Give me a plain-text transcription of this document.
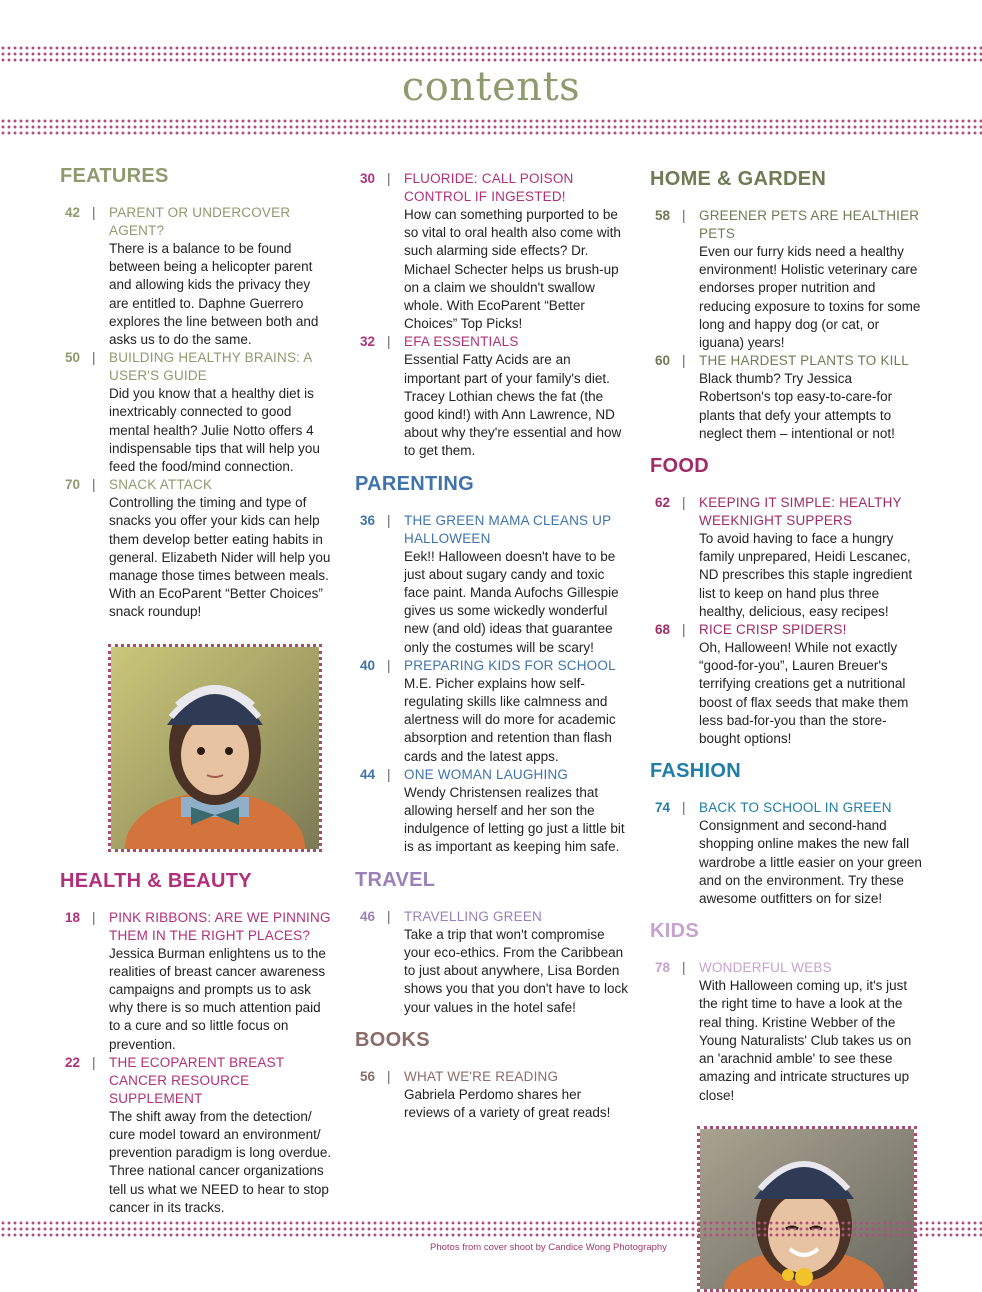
contents
FEATURES
42 | PARENT OR UNDERCOVER AGENT?
There is a balance to be found between being a helicopter parent and allowing kids the privacy they are entitled to. Daphne Guerrero explores the line between both and asks us to do the same.
50 | BUILDING HEALTHY BRAINS: A USER'S GUIDE
Did you know that a healthy diet is inextricably connected to good mental health? Julie Notto offers 4 indispensable tips that will help you feed the food/mind connection.
70 | SNACK ATTACK
Controlling the timing and type of snacks you offer your kids can help them develop better eating habits in general. Elizabeth Nider will help you manage those times between meals. With an EcoParent “Better Choices” snack roundup!
HEALTH & BEAUTY
18 | PINK RIBBONS: ARE WE PINNING THEM IN THE RIGHT PLACES?
Jessica Burman enlightens us to the realities of breast cancer awareness campaigns and prompts us to ask why there is so much attention paid to a cure and so little focus on prevention.
22 | THE ECOPARENT BREAST CANCER RESOURCE SUPPLEMENT
The shift away from the detection/ cure model toward an environment/ prevention paradigm is long overdue. Three national cancer organizations tell us what we NEED to hear to stop cancer in its tracks.
30 | FLUORIDE: CALL POISON CONTROL IF INGESTED!
How can something purported to be so vital to oral health also come with such alarming side effects? Dr. Michael Schecter helps us brush-up on a claim we shouldn't swallow whole. With EcoParent “Better Choices” Top Picks!
32 | EFA ESSENTIALS
Essential Fatty Acids are an important part of your family's diet. Tracey Lothian chews the fat (the good kind!) with Ann Lawrence, ND about why they're essential and how to get them.
PARENTING
36 | THE GREEN MAMA CLEANS UP HALLOWEEN
Eek!! Halloween doesn't have to be just about sugary candy and toxic face paint. Manda Aufochs Gillespie gives us some wickedly wonderful new (and old) ideas that guarantee only the costumes will be scary!
40 | PREPARING KIDS FOR SCHOOL
M.E. Picher explains how self-regulating skills like calmness and alertness will do more for academic absorption and retention than flash cards and the latest apps.
44 | ONE WOMAN LAUGHING
Wendy Christensen realizes that allowing herself and her son the indulgence of letting go just a little bit is as important as keeping him safe.
TRAVEL
46 | TRAVELLING GREEN
Take a trip that won't compromise your eco-ethics. From the Caribbean to just about anywhere, Lisa Borden shows you that you don't have to lock your values in the hotel safe!
BOOKS
56 | WHAT WE'RE READING
Gabriela Perdomo shares her reviews of a variety of great reads!
HOME & GARDEN
58 | GREENER PETS ARE HEALTHIER PETS
Even our furry kids need a healthy environment! Holistic veterinary care endorses proper nutrition and reducing exposure to toxins for some long and happy dog (or cat, or iguana) years!
60 | THE HARDEST PLANTS TO KILL
Black thumb? Try Jessica Robertson's top easy-to-care-for plants that defy your attempts to neglect them – intentional or not!
FOOD
62 | KEEPING IT SIMPLE: HEALTHY WEEKNIGHT SUPPERS
To avoid having to face a hungry family unprepared, Heidi Lescanec, ND prescribes this staple ingredient list to keep on hand plus three healthy, delicious, easy recipes!
68 | RICE CRISP SPIDERS!
Oh, Halloween! While not exactly “good-for-you”, Lauren Breuer's terrifying creations get a nutritional boost of flax seeds that make them less bad-for-you than the store-bought options!
FASHION
74 | BACK TO SCHOOL IN GREEN
Consignment and second-hand shopping online makes the new fall wardrobe a little easier on your green and on the environment. Try these awesome outfitters on for size!
KIDS
78 | WONDERFUL WEBS
With Halloween coming up, it's just the right time to have a look at the real thing. Kristine Webber of the Young Naturalists' Club takes us on an 'arachnid amble' to see these amazing and intricate structures up close!
Photos from cover shoot by Candice Wong Photography
